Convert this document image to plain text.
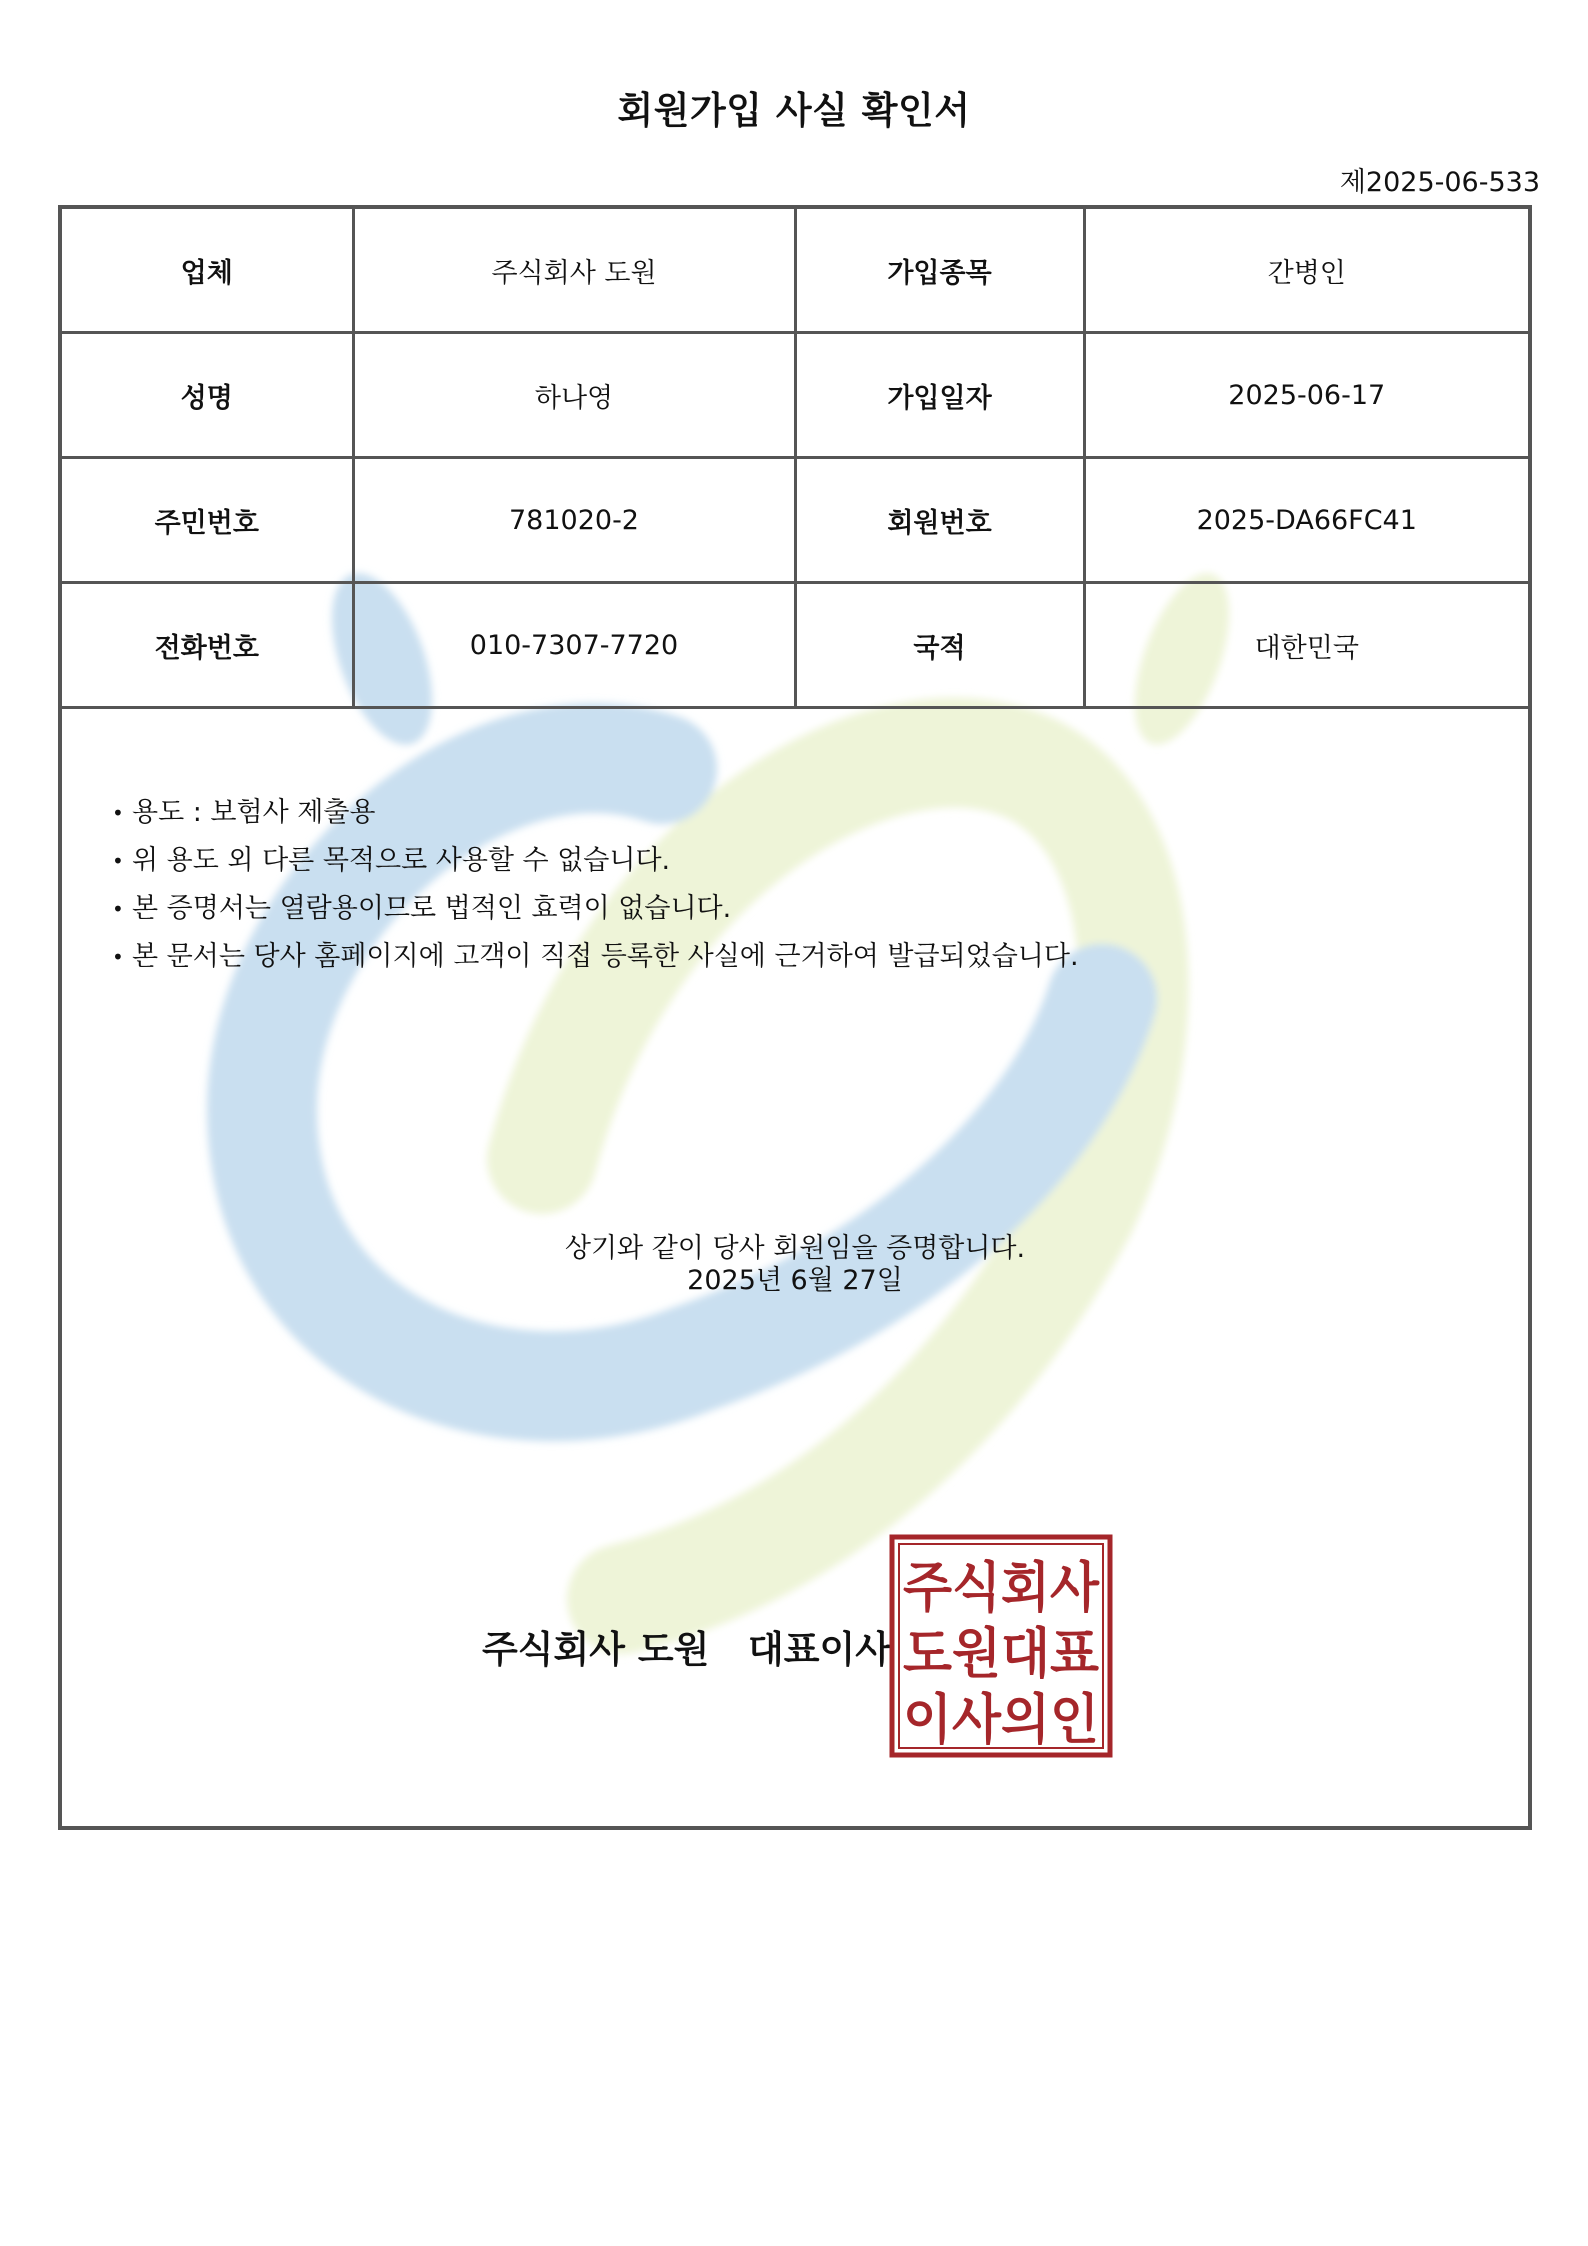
회원가입 사실 확인서
제2025-06-533
업체	주식회사 도원	가입종목	간병인
성명	하나영	가입일자	2025-06-17
주민번호	781020-2	회원번호	2025-DA66FC41
전화번호	010-7307-7720	국적	대한민국
• 용도 : 보험사 제출용
• 위 용도 외 다른 목적으로 사용할 수 없습니다.
• 본 증명서는 열람용이므로 법적인 효력이 없습니다.
• 본 문서는 당사 홈페이지에 고객이 직접 등록한 사실에 근거하여 발급되었습니다.
상기와 같이 당사 회원임을 증명합니다.
2025년 6월 27일
주식회사 도원   대표이사
주식회사
도원대표
이사의인
